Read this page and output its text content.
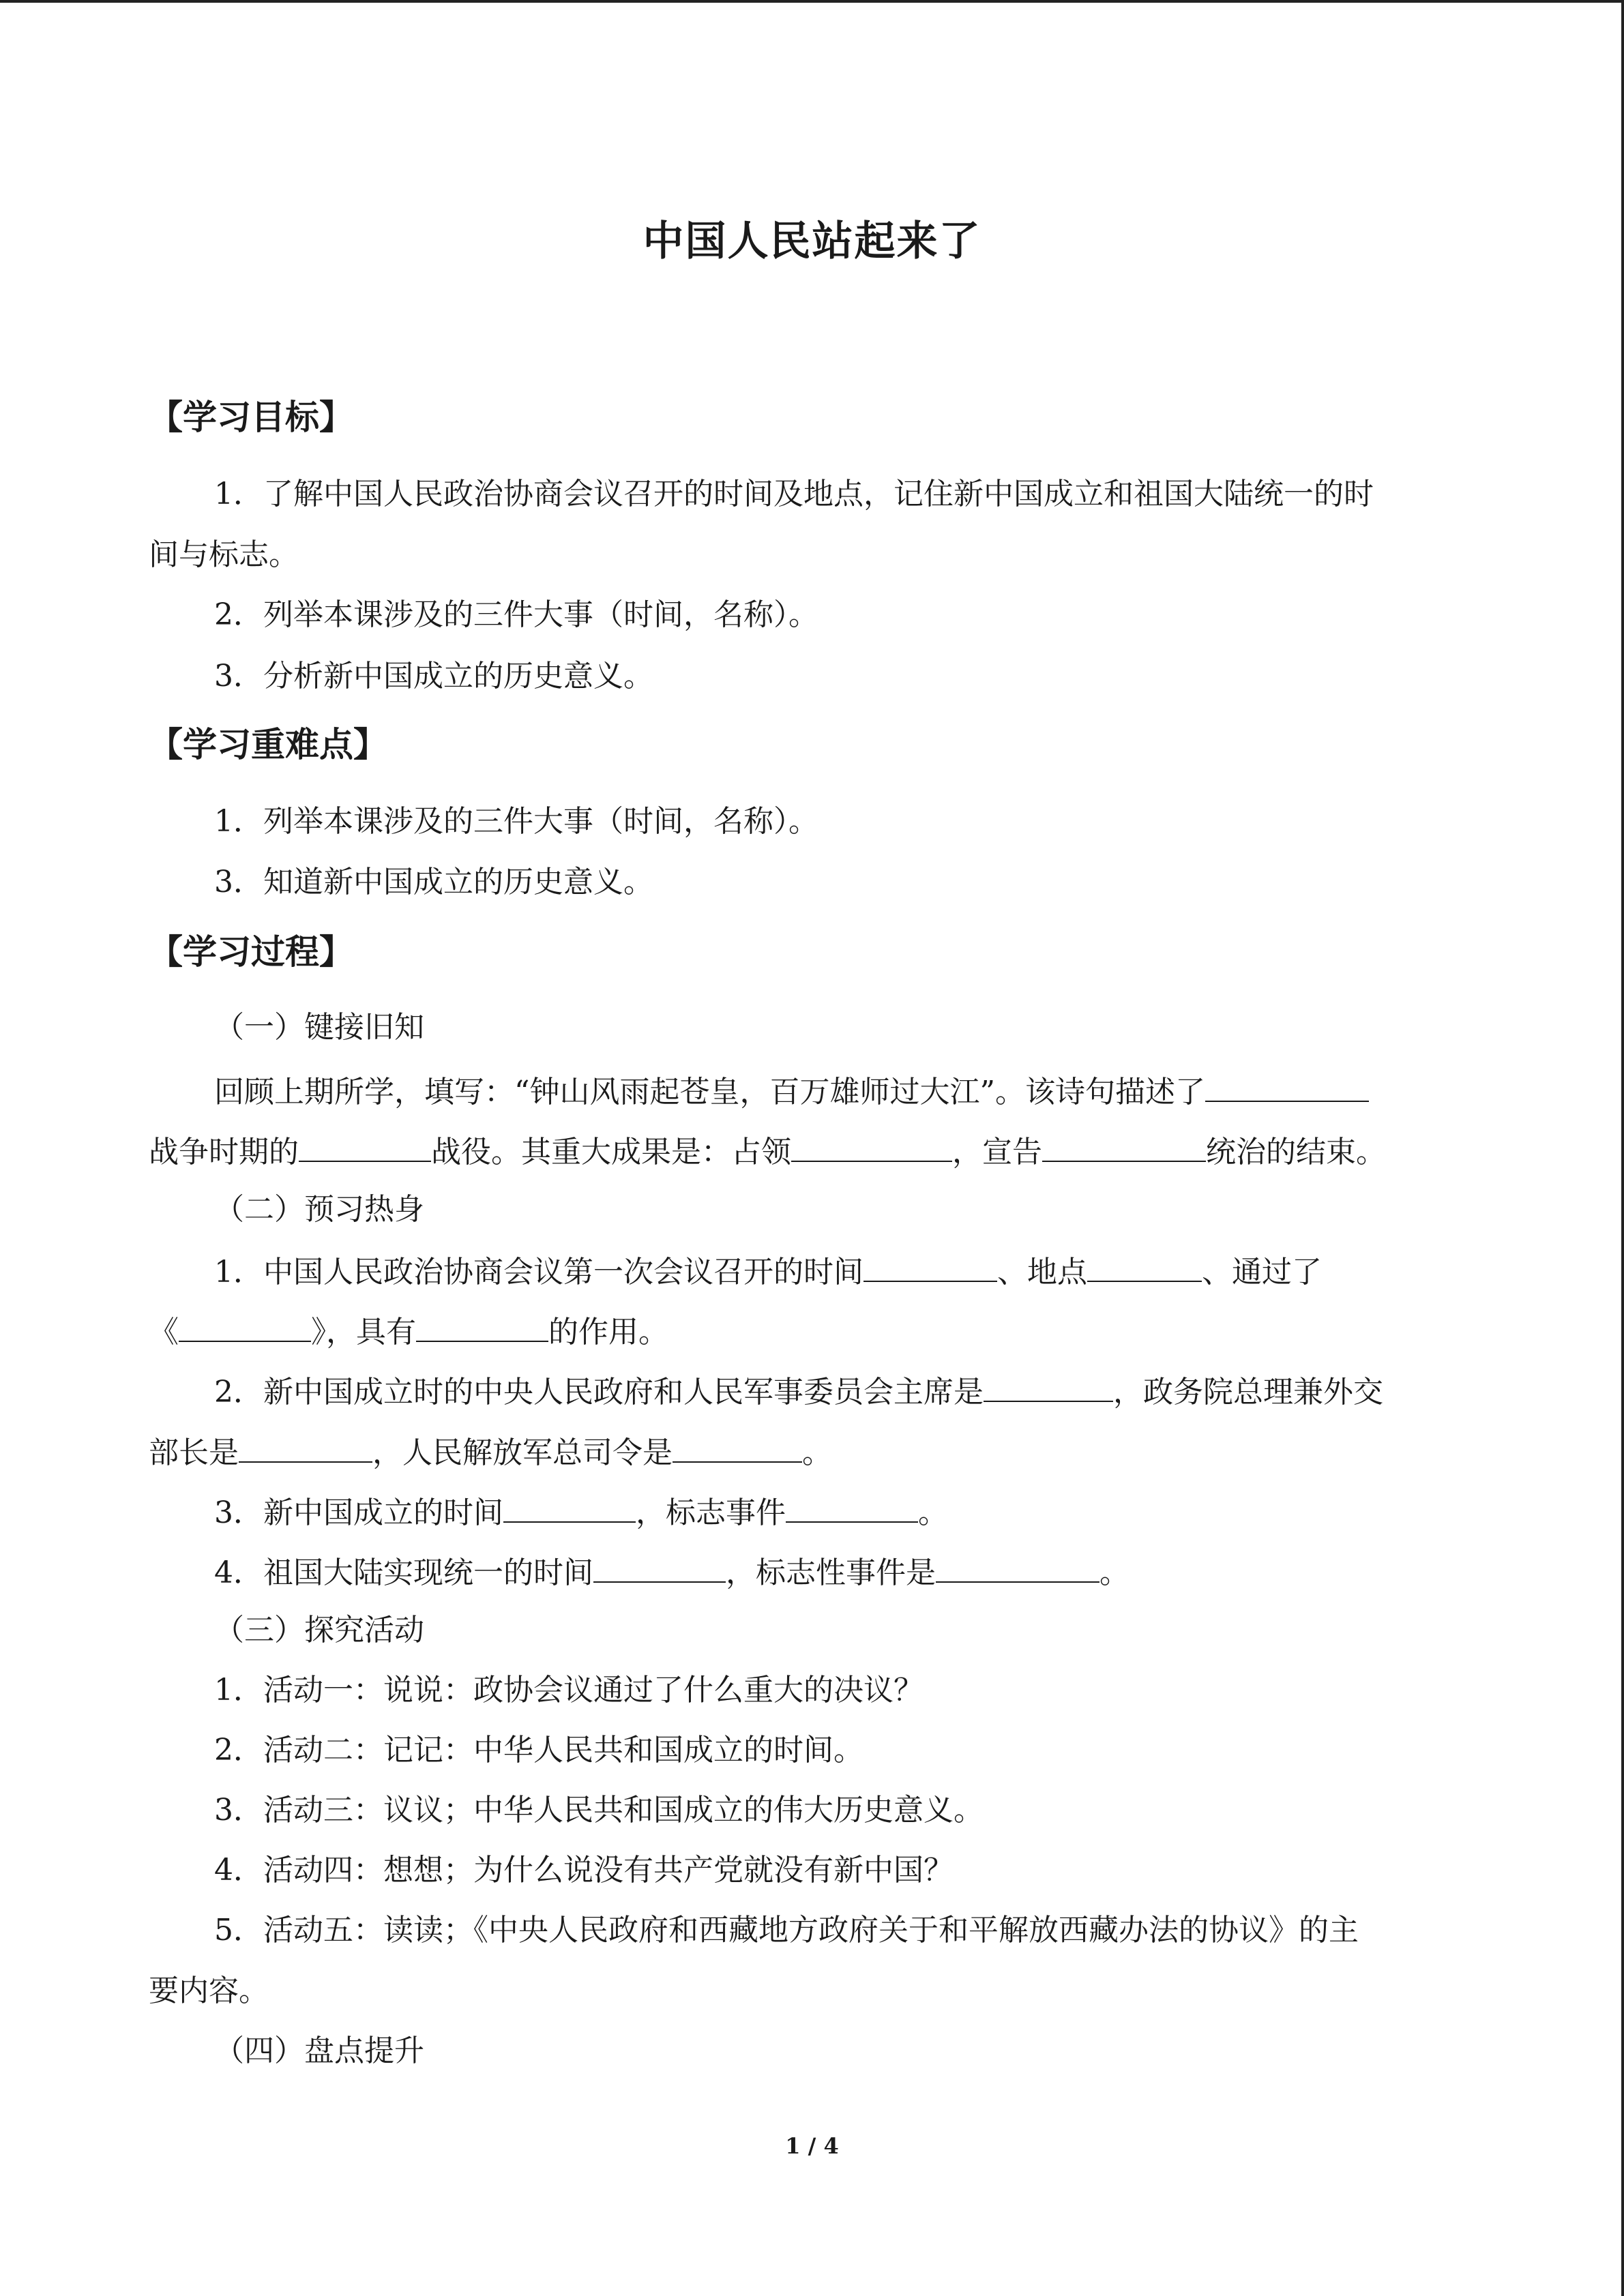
中国人民站起来了
【学习目标】
1．了解中国人民政治协商会议召开的时间及地点，记住新中国成立和祖国大陆统一的时
间与标志。
2．列举本课涉及的三件大事（时间，名称）。
3．分析新中国成立的历史意义。
【学习重难点】
1．列举本课涉及的三件大事（时间，名称）。
3．知道新中国成立的历史意义。
【学习过程】
（一）键接旧知
回顾上期所学，填写：“钟山风雨起苍皇，百万雄师过大江”。该诗句描述了
战争时期的	战役。其重大成果是：占领	，宣告	统治的结束。
（二）预习热身
1．中国人民政治协商会议第一次会议召开的时间	、地点	、通过了
《	》，具有	的作用。
2．新中国成立时的中央人民政府和人民军事委员会主席是	，政务院总理兼外交
部长是	，人民解放军总司令是	。
3．新中国成立的时间	，标志事件	。
4．祖国大陆实现统一的时间	，标志性事件是	。
（三）探究活动
1．活动一：说说：政协会议通过了什么重大的决议？
2．活动二：记记：中华人民共和国成立的时间。
3．活动三：议议；中华人民共和国成立的伟大历史意义。
4．活动四：想想；为什么说没有共产党就没有新中国？
5．活动五：读读；《中央人民政府和西藏地方政府关于和平解放西藏办法的协议》的主
要内容。
（四）盘点提升
1 / 4
